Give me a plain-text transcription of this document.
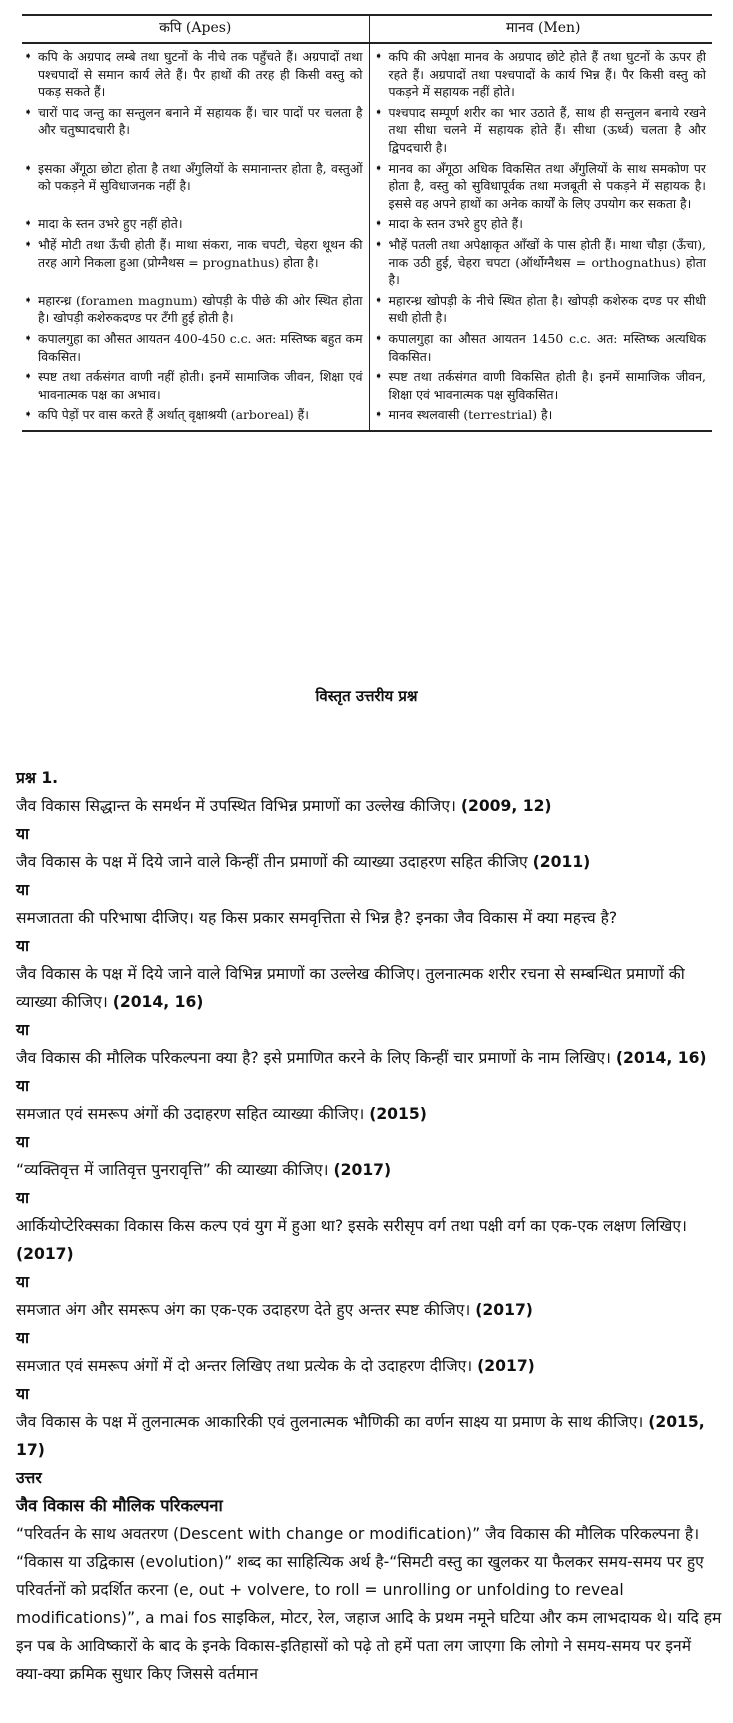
कपि (Apes)	मानव (Men)

➧ कपि के अग्रपाद लम्बे तथा घुटनों के नीचे तक पहुँचते हैं। अग्रपादों तथा पश्चपादों से समान कार्य लेते हैं। पैर हाथों की तरह ही किसी वस्तु को पकड़ सकते हैं।	➧ कपि की अपेक्षा मानव के अग्रपाद छोटे होते हैं तथा घुटनों के ऊपर ही रहते हैं। अग्रपादों तथा पश्चपादों के कार्य भिन्न हैं। पैर किसी वस्तु को पकड़ने में सहायक नहीं होते।

➧ चारों पाद जन्तु का सन्तुलन बनाने में सहायक हैं। चार पादों पर चलता है और चतुष्पादचारी है।	➧ पश्चपाद सम्पूर्ण शरीर का भार उठाते हैं, साथ ही सन्तुलन बनाये रखने तथा सीधा चलने में सहायक होते हैं। सीधा (ऊर्ध्व) चलता है और द्विपदचारी है।

➧ इसका अँगूठा छोटा होता है तथा अँगुलियों के समानान्तर होता है, वस्तुओं को पकड़ने में सुविधाजनक नहीं है।	➧ मानव का अँगूठा अधिक विकसित तथा अँगुलियों के साथ समकोण पर होता है, वस्तु को सुविधापूर्वक तथा मजबूती से पकड़ने में सहायक है। इससे वह अपने हाथों का अनेक कार्यों के लिए उपयोग कर सकता है।

➧ मादा के स्तन उभरे हुए नहीं होते।	➧ मादा के स्तन उभरे हुए होते हैं।

➧ भौहें मोटी तथा ऊँची होती हैं। माथा संकरा, नाक चपटी, चेहरा थूथन की तरह आगे निकला हुआ (प्रोग्नैथस = prognathus) होता है।	➧ भौहें पतली तथा अपेक्षाकृत आँखों के पास होती हैं। माथा चौड़ा (ऊँचा), नाक उठी हुई, चेहरा चपटा (ऑर्थोग्नैथस = orthognathus) होता है।

➧ महारन्ध्र (foramen magnum) खोपड़ी के पीछे की ओर स्थित होता है। खोपड़ी कशेरुकदण्ड पर टँगी हुई होती है।	➧ महारन्ध्र खोपड़ी के नीचे स्थित होता है। खोपड़ी कशेरुक दण्ड पर सीधी सधी होती है।

➧ कपालगुहा का औसत आयतन 400-450 c.c. अत: मस्तिष्क बहुत कम विकसित।	➧ कपालगुहा का औसत आयतन 1450 c.c. अत: मस्तिष्क अत्यधिक विकसित।

➧ स्पष्ट तथा तर्कसंगत वाणी नहीं होती। इनमें सामाजिक जीवन, शिक्षा एवं भावनात्मक पक्ष का अभाव।	➧ स्पष्ट तथा तर्कसंगत वाणी विकसित होती है। इनमें सामाजिक जीवन, शिक्षा एवं भावनात्मक पक्ष सुविकसित।

➧ कपि पेड़ों पर वास करते हैं अर्थात् वृक्षाश्रयी (arboreal) हैं।	➧ मानव स्थलवासी (terrestrial) है।
विस्तृत उत्तरीय प्रश्न

प्रश्न 1.

जैव विकास सिद्धान्त के समर्थन में उपस्थित विभिन्न प्रमाणों का उल्लेख कीजिए। (2009, 12)

या

जैव विकास के पक्ष में दिये जाने वाले किन्हीं तीन प्रमाणों की व्याख्या उदाहरण सहित कीजिए (2011)

या

समजातता की परिभाषा दीजिए। यह किस प्रकार समवृत्तिता से भिन्न है? इनका जैव विकास में क्या महत्त्व है?

या

जैव विकास के पक्ष में दिये जाने वाले विभिन्न प्रमाणों का उल्लेख कीजिए। तुलनात्मक शरीर रचना से सम्बन्धित प्रमाणों की व्याख्या कीजिए। (2014, 16)

या

जैव विकास की मौलिक परिकल्पना क्या है? इसे प्रमाणित करने के लिए किन्हीं चार प्रमाणों के नाम लिखिए। (2014, 16)

या

समजात एवं समरूप अंगों की उदाहरण सहित व्याख्या कीजिए। (2015)

या

“व्यक्तिवृत्त में जातिवृत्त पुनरावृत्ति” की व्याख्या कीजिए। (2017)

या

आर्कियोप्टेरिक्सका विकास किस कल्प एवं युग में हुआ था? इसके सरीसृप वर्ग तथा पक्षी वर्ग का एक-एक लक्षण लिखिए। (2017)

या

समजात अंग और समरूप अंग का एक-एक उदाहरण देते हुए अन्तर स्पष्ट कीजिए। (2017)

या

समजात एवं समरूप अंगों में दो अन्तर लिखिए तथा प्रत्येक के दो उदाहरण दीजिए। (2017)

या

जैव विकास के पक्ष में तुलनात्मक आकारिकी एवं तुलनात्मक भौणिकी का वर्णन साक्ष्य या प्रमाण के साथ कीजिए। (2015, 17)

उत्तर

जैव विकास की मौलिक परिकल्पना

“परिवर्तन के साथ अवतरण (Descent with change or modification)” जैव विकास की मौलिक परिकल्पना है। “विकास या उद्विकास (evolution)” शब्द का साहित्यिक अर्थ है-“सिमटी वस्तु का खुलकर या फैलकर समय-समय पर हुए परिवर्तनों को प्रदर्शित करना (e, out + volvere, to roll = unrolling or unfolding to reveal modifications)”, a mai fos साइकिल, मोटर, रेल, जहाज आदि के प्रथम नमूने घटिया और कम लाभदायक थे। यदि हम इन पब के आविष्कारों के बाद के इनके विकास-इतिहासों को पढ़े तो हमें पता लग जाएगा कि लोगो ने समय-समय पर इनमें क्या-क्या क्रमिक सुधार किए जिससे वर्तमान
